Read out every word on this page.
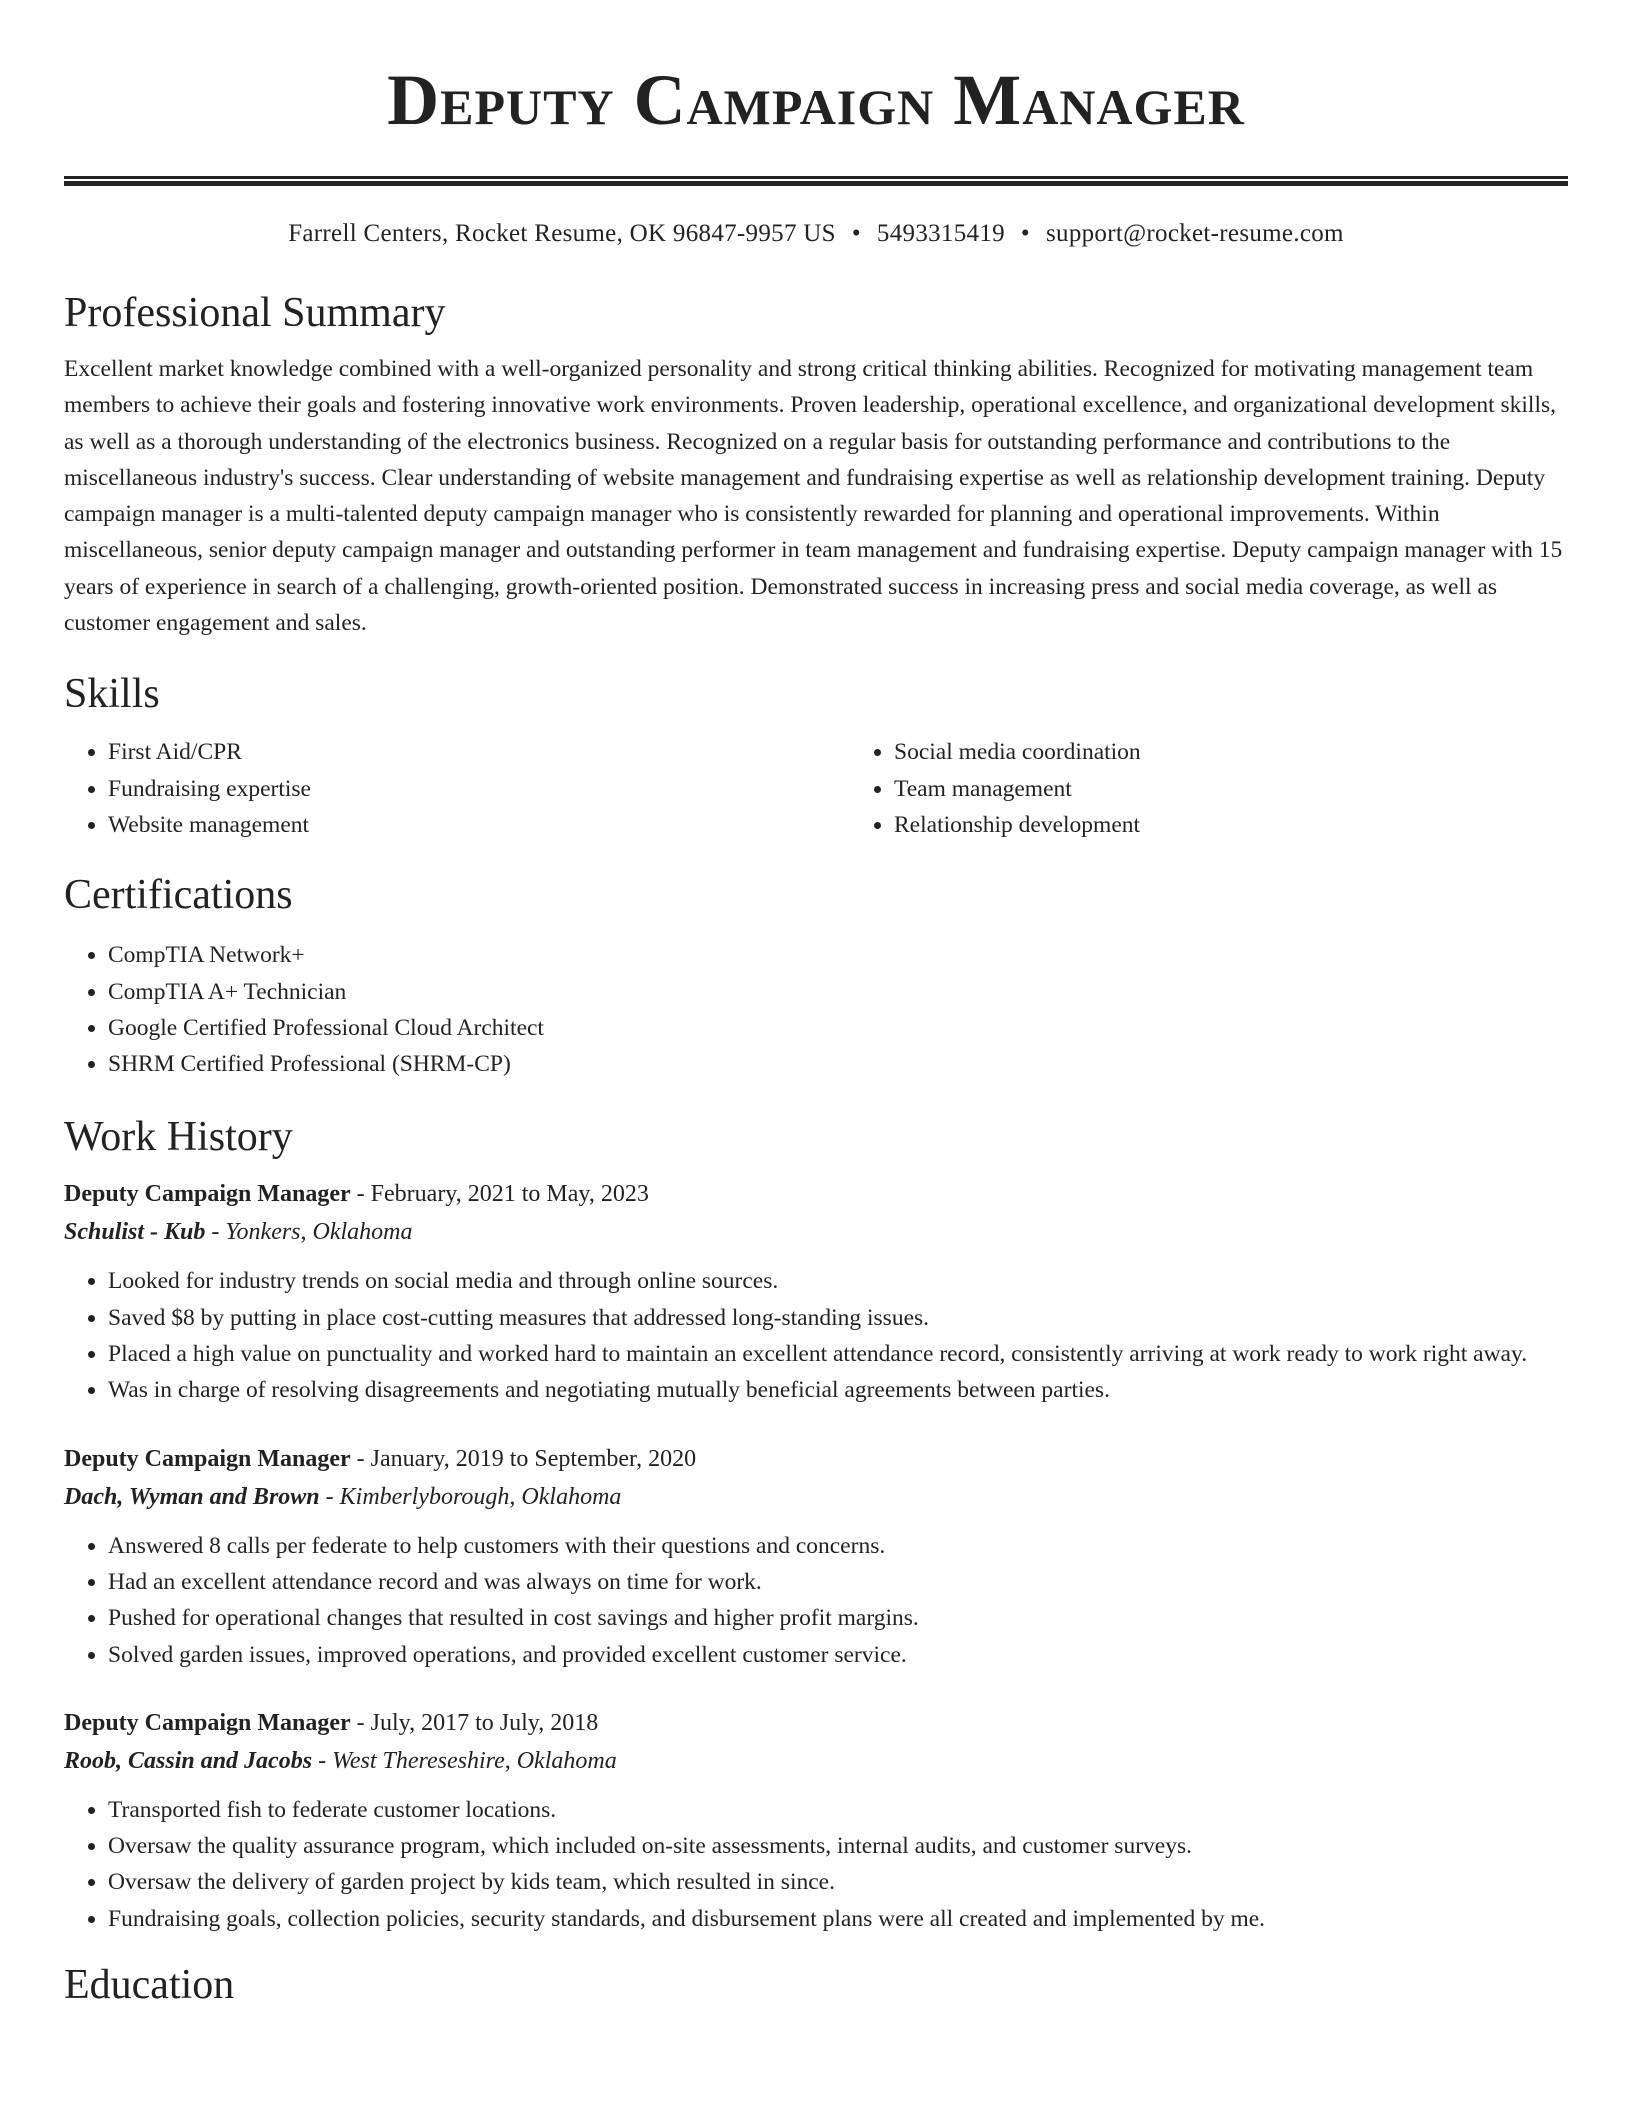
Deputy Campaign Manager
Farrell Centers, Rocket Resume, OK 96847-9957 US • 5493315419 • support@rocket-resume.com
Professional Summary

Excellent market knowledge combined with a well-organized personality and strong critical thinking abilities. Recognized for motivating management team members to achieve their goals and fostering innovative work environments. Proven leadership, operational excellence, and organizational development skills, as well as a thorough understanding of the electronics business. Recognized on a regular basis for outstanding performance and contributions to the miscellaneous industry's success. Clear understanding of website management and fundraising expertise as well as relationship development training. Deputy campaign manager is a multi-talented deputy campaign manager who is consistently rewarded for planning and operational improvements. Within miscellaneous, senior deputy campaign manager and outstanding performer in team management and fundraising expertise. Deputy campaign manager with 15 years of experience in search of a challenging, growth-oriented position. Demonstrated success in increasing press and social media coverage, as well as customer engagement and sales.

Skills
• First Aid/CPR
• Fundraising expertise
• Website management
• Social media coordination
• Team management
• Relationship development
Certifications
• CompTIA Network+
• CompTIA A+ Technician
• Google Certified Professional Cloud Architect
• SHRM Certified Professional (SHRM-CP)
Work History
Deputy Campaign Manager - February, 2021 to May, 2023
Schulist - Kub - Yonkers, Oklahoma
• Looked for industry trends on social media and through online sources.
• Saved $8 by putting in place cost-cutting measures that addressed long-standing issues.
• Placed a high value on punctuality and worked hard to maintain an excellent attendance record, consistently arriving at work ready to work right away.
• Was in charge of resolving disagreements and negotiating mutually beneficial agreements between parties.
Deputy Campaign Manager - January, 2019 to September, 2020
Dach, Wyman and Brown - Kimberlyborough, Oklahoma
• Answered 8 calls per federate to help customers with their questions and concerns.
• Had an excellent attendance record and was always on time for work.
• Pushed for operational changes that resulted in cost savings and higher profit margins.
• Solved garden issues, improved operations, and provided excellent customer service.
Deputy Campaign Manager - July, 2017 to July, 2018
Roob, Cassin and Jacobs - West Thereseshire, Oklahoma
• Transported fish to federate customer locations.
• Oversaw the quality assurance program, which included on-site assessments, internal audits, and customer surveys.
• Oversaw the delivery of garden project by kids team, which resulted in since.
• Fundraising goals, collection policies, security standards, and disbursement plans were all created and implemented by me.
Education
